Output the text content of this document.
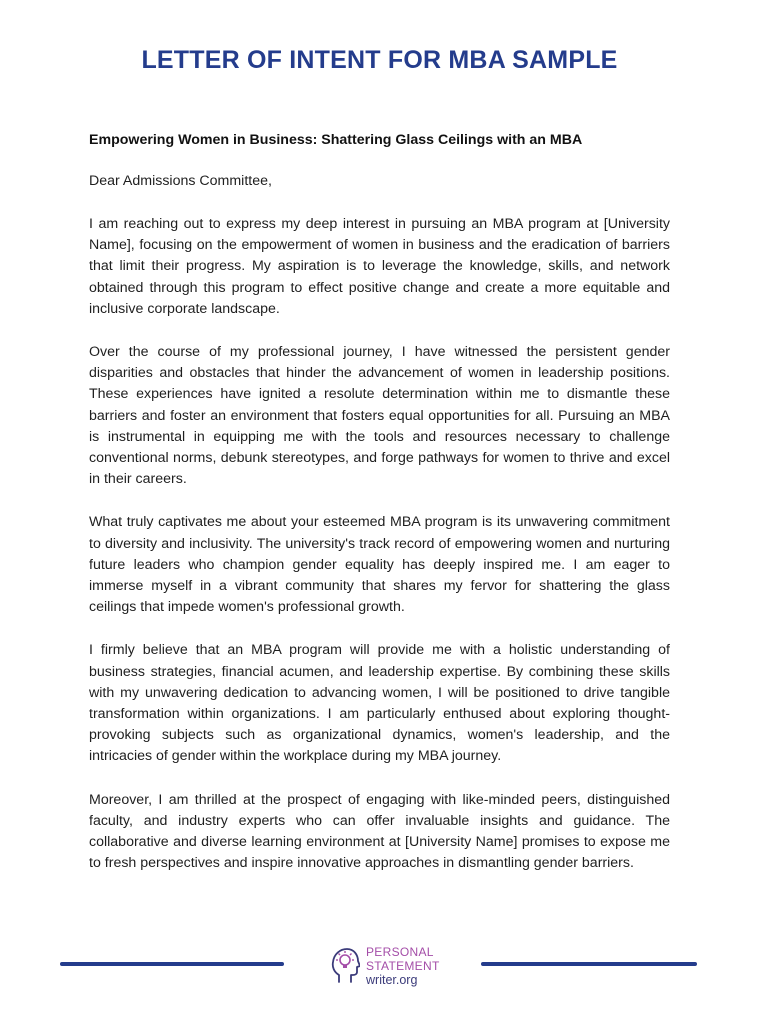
LETTER OF INTENT FOR MBA SAMPLE

Empowering Women in Business: Shattering Glass Ceilings with an MBA

Dear Admissions Committee,

I am reaching out to express my deep interest in pursuing an MBA program at [University Name], focusing on the empowerment of women in business and the eradication of barriers that limit their progress. My aspiration is to leverage the knowledge, skills, and network obtained through this program to effect positive change and create a more equitable and inclusive corporate landscape.

Over the course of my professional journey, I have witnessed the persistent gender disparities and obstacles that hinder the advancement of women in leadership positions. These experiences have ignited a resolute determination within me to dismantle these barriers and foster an environment that fosters equal opportunities for all. Pursuing an MBA is instrumental in equipping me with the tools and resources necessary to challenge conventional norms, debunk stereotypes, and forge pathways for women to thrive and excel in their careers.

What truly captivates me about your esteemed MBA program is its unwavering commitment to diversity and inclusivity. The university's track record of empowering women and nurturing future leaders who champion gender equality has deeply inspired me. I am eager to immerse myself in a vibrant community that shares my fervor for shattering the glass ceilings that impede women's professional growth.

I firmly believe that an MBA program will provide me with a holistic understanding of business strategies, financial acumen, and leadership expertise. By combining these skills with my unwavering dedication to advancing women, I will be positioned to drive tangible transformation within organizations. I am particularly enthused about exploring thought-provoking subjects such as organizational dynamics, women's leadership, and the intricacies of gender within the workplace during my MBA journey.

Moreover, I am thrilled at the prospect of engaging with like-minded peers, distinguished faculty, and industry experts who can offer invaluable insights and guidance. The collaborative and diverse learning environment at [University Name] promises to expose me to fresh perspectives and inspire innovative approaches in dismantling gender barriers.

PERSONAL
STATEMENT
writer.org
